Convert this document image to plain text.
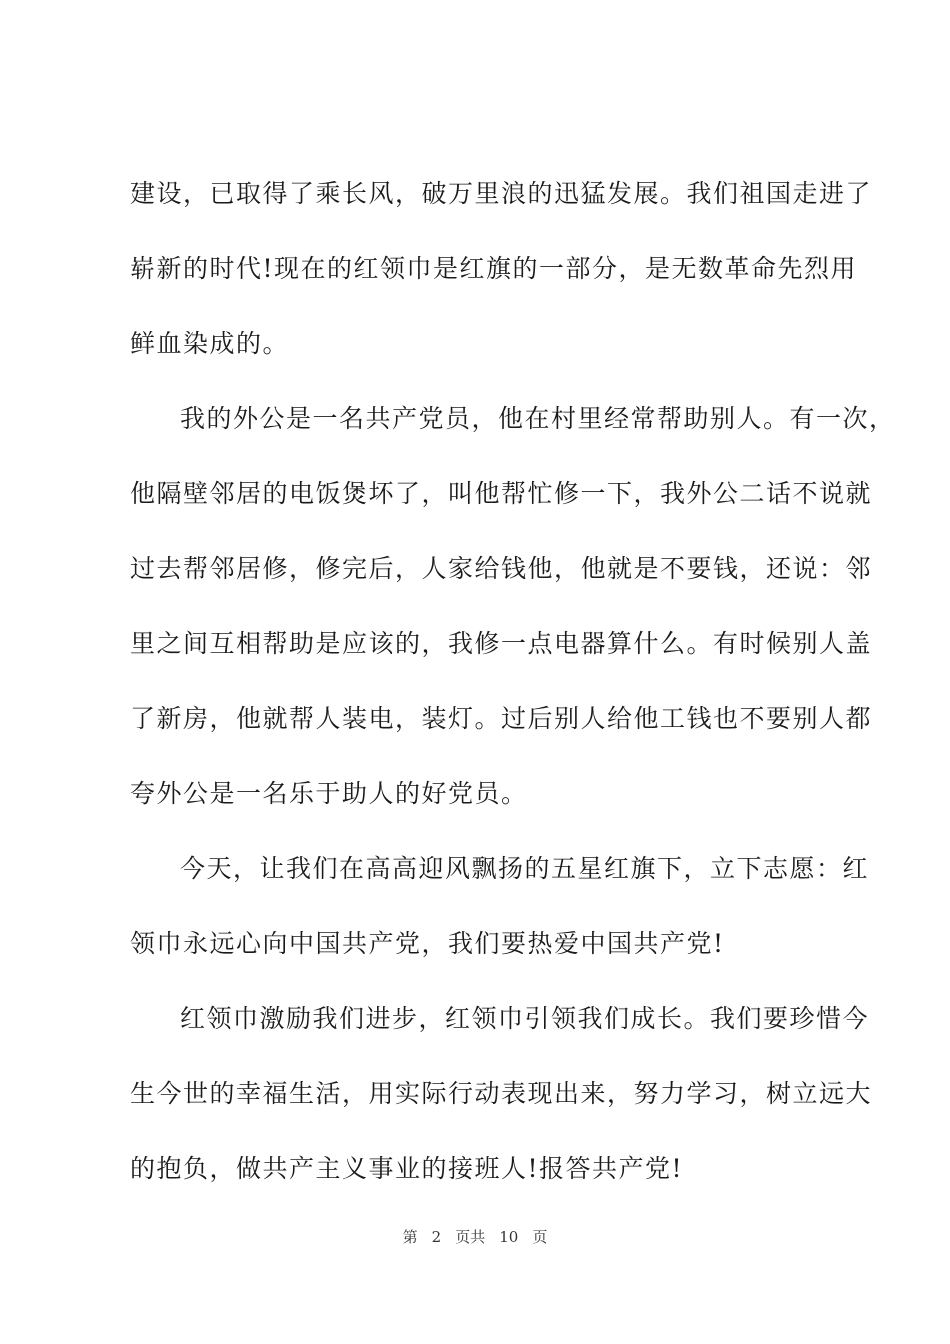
建设，已取得了乘长风，破万里浪的迅猛发展。我们祖国走进了
崭新的时代!现在的红领巾是红旗的一部分，是无数革命先烈用
鲜血染成的。
我的外公是一名共产党员，他在村里经常帮助别人。有一次，
他隔壁邻居的电饭煲坏了，叫他帮忙修一下，我外公二话不说就
过去帮邻居修，修完后，人家给钱他，他就是不要钱，还说：邻
里之间互相帮助是应该的，我修一点电器算什么。有时候别人盖
了新房，他就帮人装电，装灯。过后别人给他工钱也不要别人都
夸外公是一名乐于助人的好党员。
今天，让我们在高高迎风飘扬的五星红旗下，立下志愿：红
领巾永远心向中国共产党，我们要热爱中国共产党!
红领巾激励我们进步，红领巾引领我们成长。我们要珍惜今
生今世的幸福生活，用实际行动表现出来，努力学习，树立远大
的抱负，做共产主义事业的接班人!报答共产党!
第 2 页共 10 页
